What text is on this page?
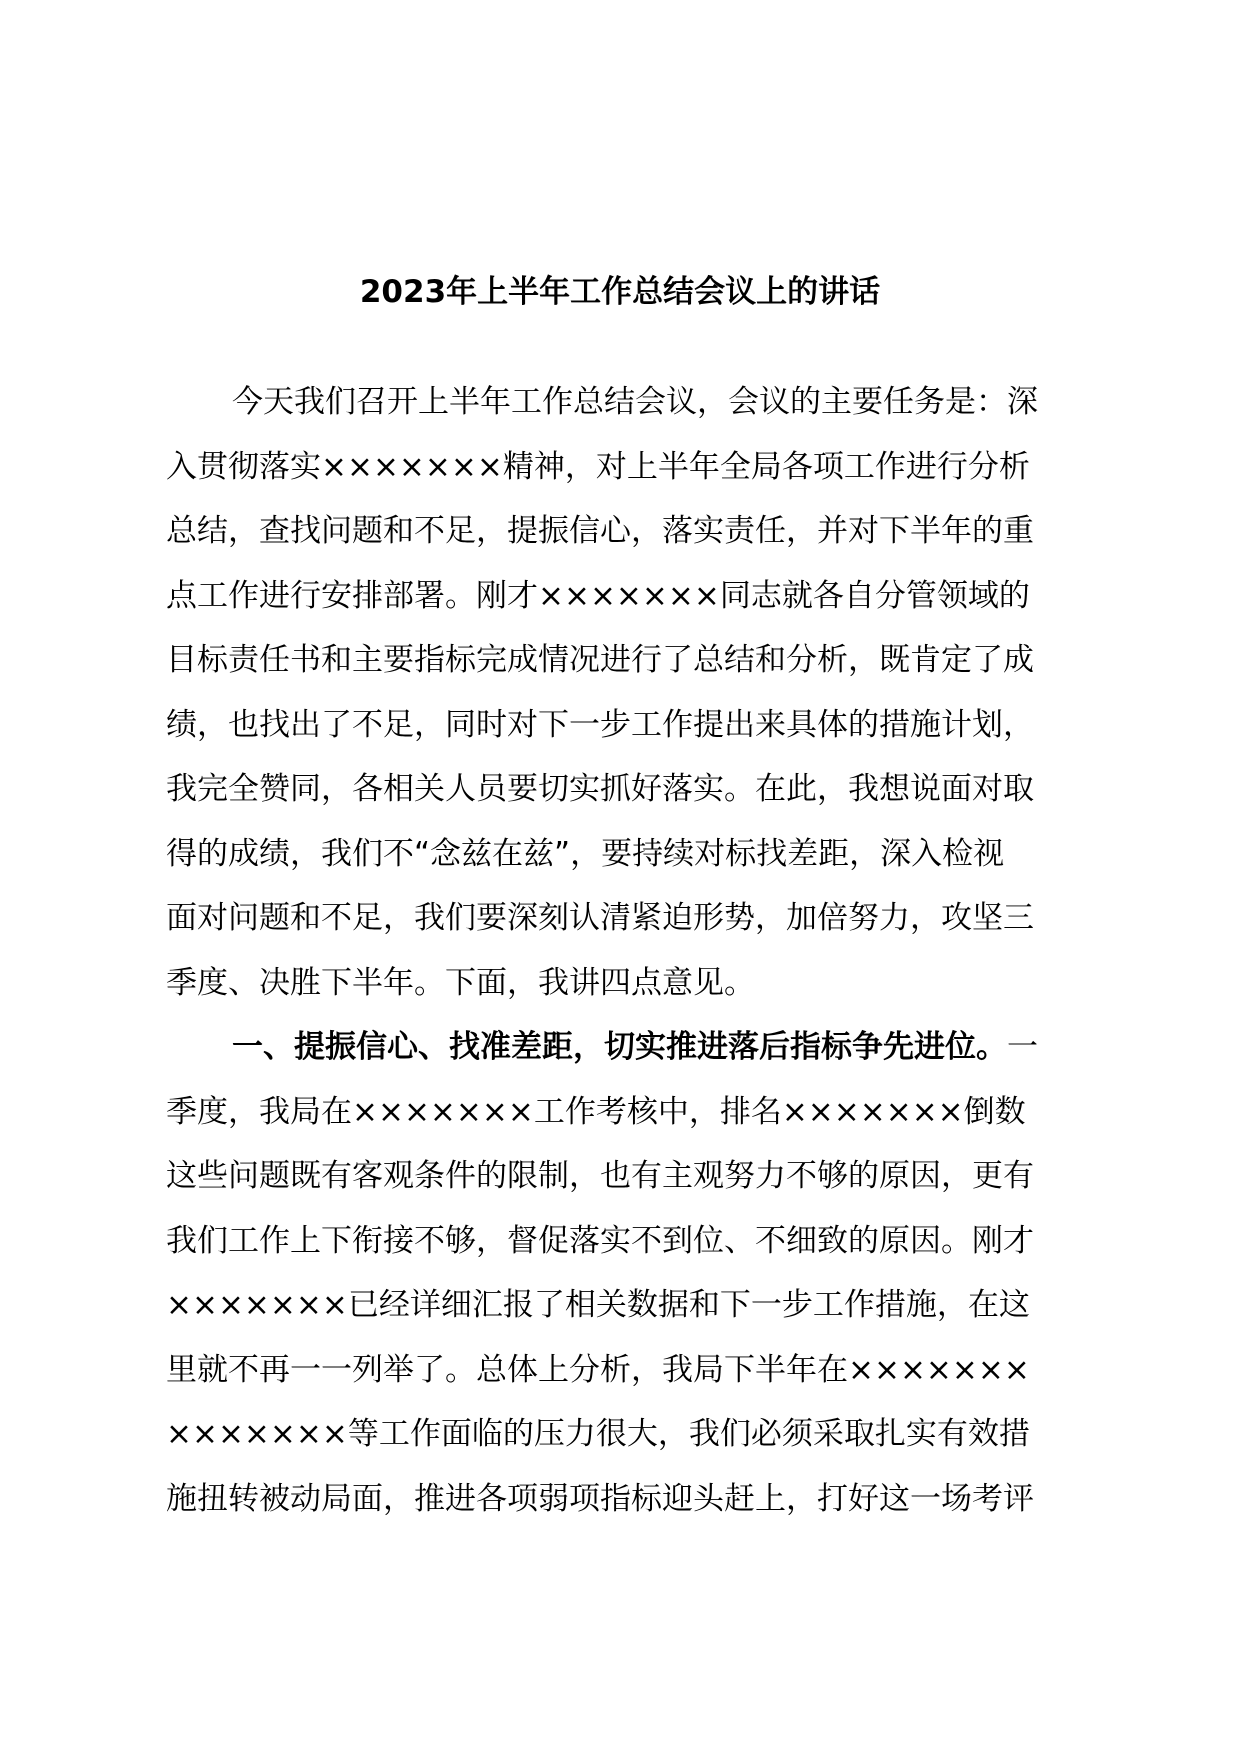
2023年上半年工作总结会议上的讲话
今天我们召开上半年工作总结会议，会议的主要任务是：深
入贯彻落实×××××××精神，对上半年全局各项工作进行分析
总结，查找问题和不足，提振信心，落实责任，并对下半年的重
点工作进行安排部署。刚才×××××××同志就各自分管领域的
目标责任书和主要指标完成情况进行了总结和分析，既肯定了成
绩，也找出了不足，同时对下一步工作提出来具体的措施计划，
我完全赞同，各相关人员要切实抓好落实。在此，我想说面对取
得的成绩，我们不“念兹在兹”，要持续对标找差距，深入检视
面对问题和不足，我们要深刻认清紧迫形势，加倍努力，攻坚三
季度、决胜下半年。下面，我讲四点意见。
一、提振信心、找准差距，切实推进落后指标争先进位。一
季度，我局在×××××××工作考核中，排名×××××××倒数
这些问题既有客观条件的限制，也有主观努力不够的原因，更有
我们工作上下衔接不够，督促落实不到位、不细致的原因。刚才
×××××××已经详细汇报了相关数据和下一步工作措施，在这
里就不再一一列举了。总体上分析，我局下半年在×××××××
×××××××等工作面临的压力很大，我们必须采取扎实有效措
施扭转被动局面，推进各项弱项指标迎头赶上，打好这一场考评
